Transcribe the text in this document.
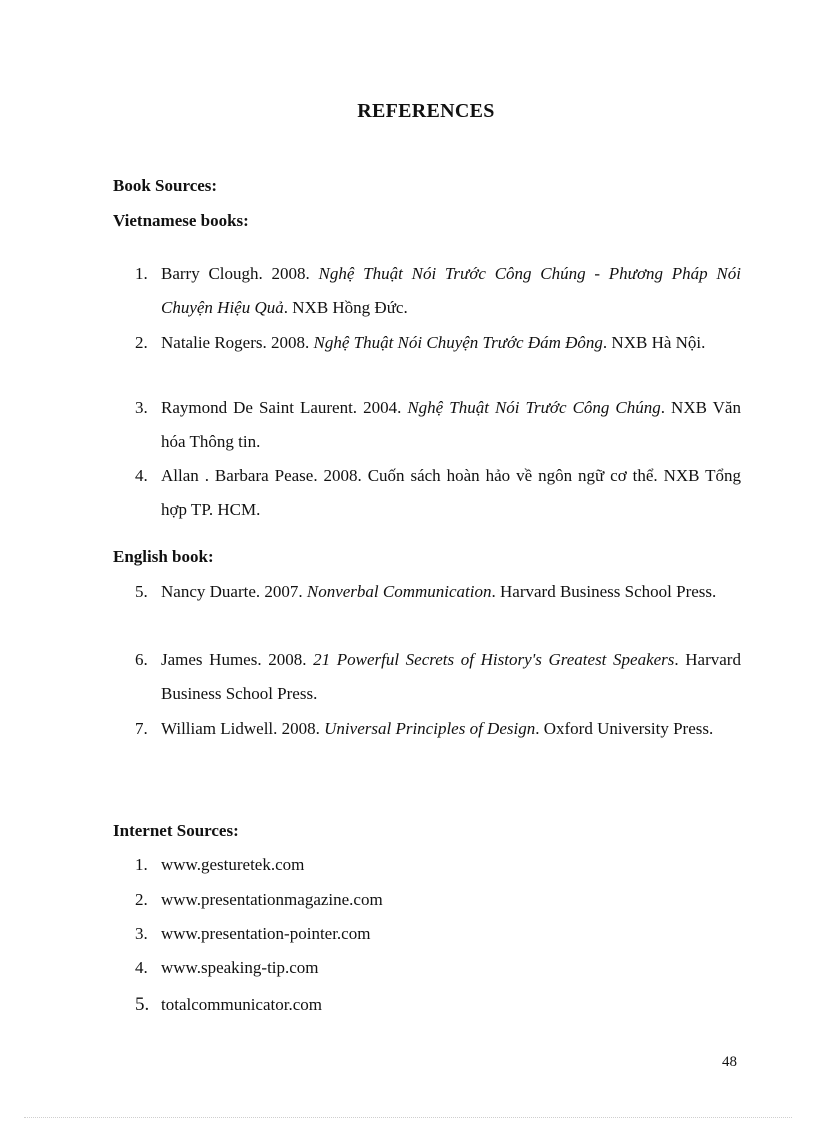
REFERENCES
Book Sources:
Vietnamese books:
1. Barry Clough. 2008. Nghệ Thuật Nói Trước Công Chúng - Phương Pháp Nói Chuyện Hiệu Quả. NXB Hồng Đức.
2. Natalie Rogers. 2008. Nghệ Thuật Nói Chuyện Trước Đám Đông. NXB Hà Nội.
3. Raymond De Saint Laurent. 2004. Nghệ Thuật Nói Trước Công Chúng. NXB Văn hóa Thông tin.
4. Allan . Barbara Pease. 2008. Cuốn sách hoàn hảo về ngôn ngữ cơ thể. NXB Tổng hợp TP. HCM.
English book:
5. Nancy Duarte. 2007. Nonverbal Communication. Harvard Business School Press.
6. James Humes. 2008. 21 Powerful Secrets of History's Greatest Speakers. Harvard Business School Press.
7. William Lidwell. 2008. Universal Principles of Design. Oxford University Press.
Internet Sources:
1. www.gesturetek.com
2. www.presentationmagazine.com
3. www.presentation-pointer.com
4. www.speaking-tip.com
5. totalcommunicator.com
48
